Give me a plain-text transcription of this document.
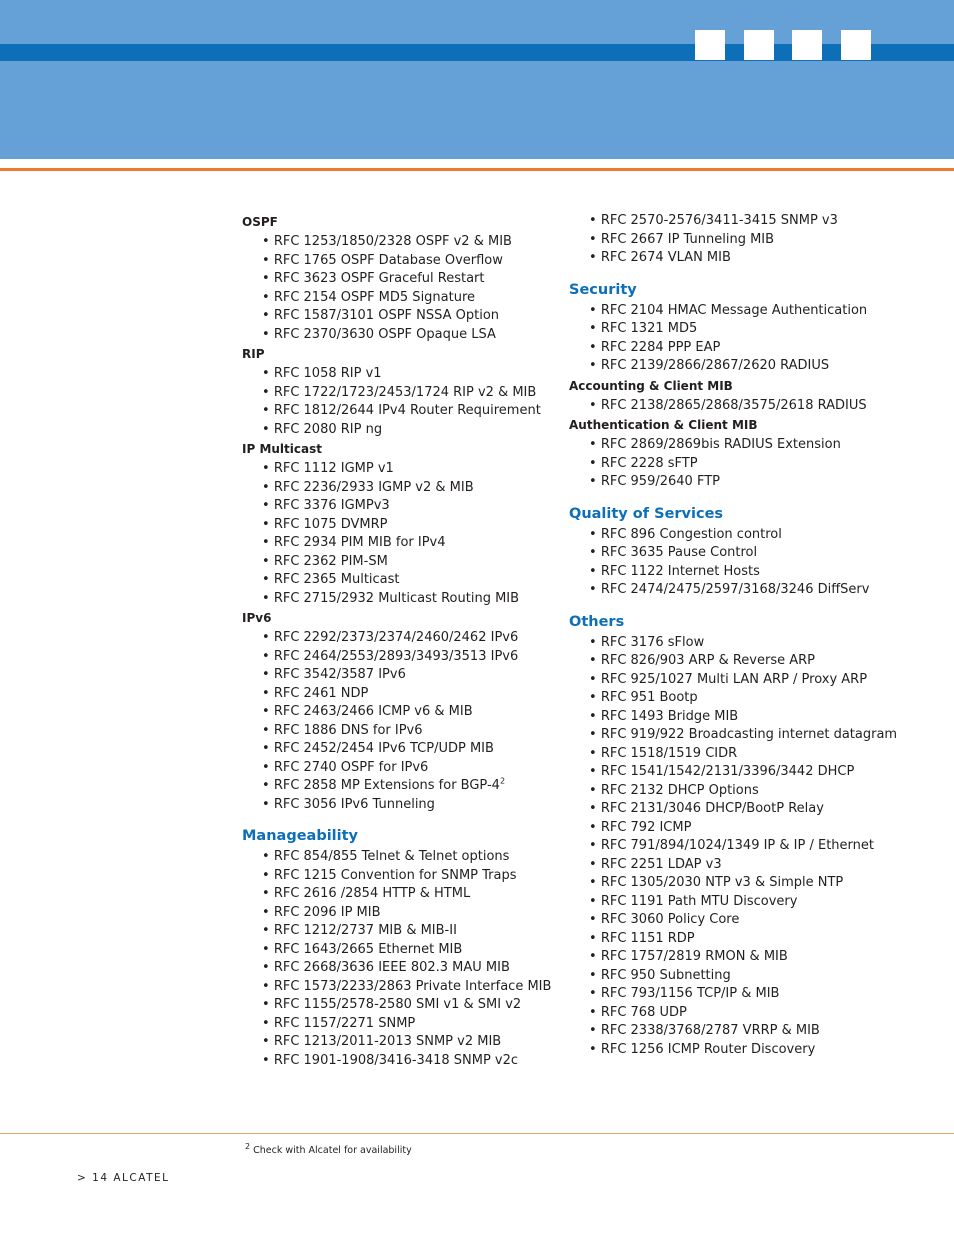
OSPF
• RFC 1253/1850/2328 OSPF v2 & MIB
• RFC 1765 OSPF Database Overflow
• RFC 3623 OSPF Graceful Restart
• RFC 2154 OSPF MD5 Signature
• RFC 1587/3101 OSPF NSSA Option
• RFC 2370/3630 OSPF Opaque LSA
RIP
• RFC 1058 RIP v1
• RFC 1722/1723/2453/1724 RIP v2 & MIB
• RFC 1812/2644 IPv4 Router Requirement
• RFC 2080 RIP ng
IP Multicast
• RFC 1112 IGMP v1
• RFC 2236/2933 IGMP v2 & MIB
• RFC 3376 IGMPv3
• RFC 1075 DVMRP
• RFC 2934 PIM MIB for IPv4
• RFC 2362 PIM-SM
• RFC 2365 Multicast
• RFC 2715/2932 Multicast Routing MIB
IPv6
• RFC 2292/2373/2374/2460/2462 IPv6
• RFC 2464/2553/2893/3493/3513 IPv6
• RFC 3542/3587 IPv6
• RFC 2461 NDP
• RFC 2463/2466 ICMP v6 & MIB
• RFC 1886 DNS for IPv6
• RFC 2452/2454 IPv6 TCP/UDP MIB
• RFC 2740 OSPF for IPv6
• RFC 2858 MP Extensions for BGP-$4^2$
• RFC 3056 IPv6 Tunneling
Manageability
• RFC 854/855 Telnet & Telnet options
• RFC 1215 Convention for SNMP Traps
• RFC 2616 /2854 HTTP & HTML
• RFC 2096 IP MIB
• RFC 1212/2737 MIB & MIB-II
• RFC 1643/2665 Ethernet MIB
• RFC 2668/3636 IEEE 802.3 MAU MIB
• RFC 1573/2233/2863 Private Interface MIB
• RFC 1155/2578-2580 SMI v1 & SMI v2
• RFC 1157/2271 SNMP
• RFC 1213/2011-2013 SNMP v2 MIB
• RFC 1901-1908/3416-3418 SNMP v2c
• RFC 2570-2576/3411-3415 SNMP v3
• RFC 2667 IP Tunneling MIB
• RFC 2674 VLAN MIB
Security
• RFC 2104 HMAC Message Authentication
• RFC 1321 MD5
• RFC 2284 PPP EAP
• RFC 2139/2866/2867/2620 RADIUS
Accounting & Client MIB
• RFC 2138/2865/2868/3575/2618 RADIUS
Authentication & Client MIB
• RFC 2869/2869bis RADIUS Extension
• RFC 2228 sFTP
• RFC 959/2640 FTP
Quality of Services
• RFC 896 Congestion control
• RFC 3635 Pause Control
• RFC 1122 Internet Hosts
• RFC 2474/2475/2597/3168/3246 DiffServ
Others
• RFC 3176 sFlow
• RFC 826/903 ARP & Reverse ARP
• RFC 925/1027 Multi LAN ARP / Proxy ARP
• RFC 951 Bootp
• RFC 1493 Bridge MIB
• RFC 919/922 Broadcasting internet datagram
• RFC 1518/1519 CIDR
• RFC 1541/1542/2131/3396/3442 DHCP
• RFC 2132 DHCP Options
• RFC 2131/3046 DHCP/BootP Relay
• RFC 792 ICMP
• RFC 791/894/1024/1349 IP & IP / Ethernet
• RFC 2251 LDAP v3
• RFC 1305/2030 NTP v3 & Simple NTP
• RFC 1191 Path MTU Discovery
• RFC 3060 Policy Core
• RFC 1151 RDP
• RFC 1757/2819 RMON & MIB
• RFC 950 Subnetting
• RFC 793/1156 TCP/IP & MIB
• RFC 768 UDP
• RFC 2338/3768/2787 VRRP & MIB
• RFC 1256 ICMP Router Discovery
$^2$ Check with Alcatel for availability
> 14 ALCATEL
